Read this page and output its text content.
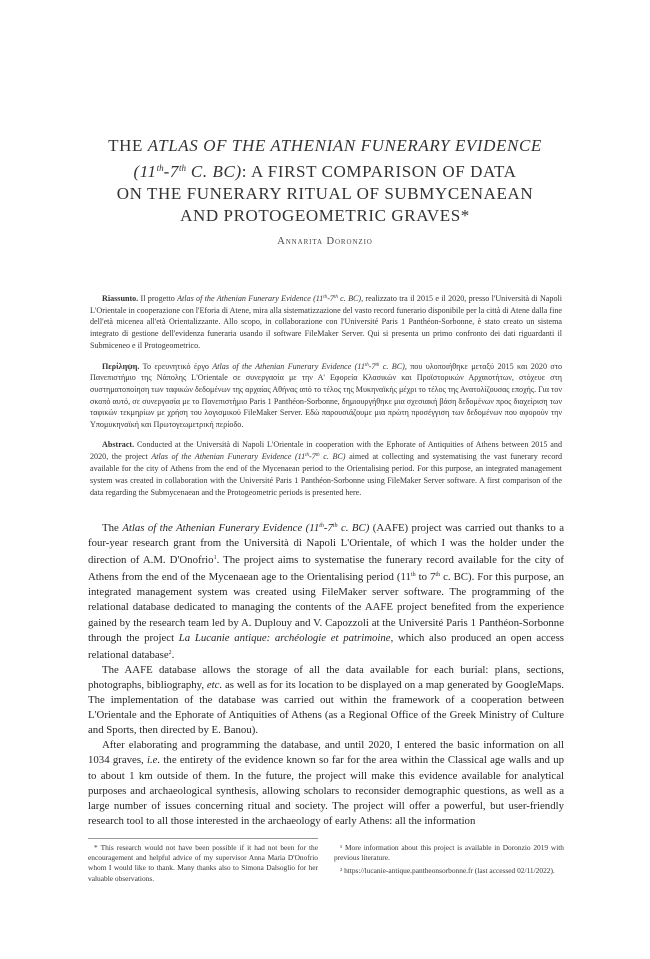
THE ATLAS OF THE ATHENIAN FUNERARY EVIDENCE
(11th-7th C. BC): A FIRST COMPARISON OF DATA
ON THE FUNERARY RITUAL OF SUBMYCENAEAN
AND PROTOGEOMETRIC GRAVES*
Annarita Doronzio

Riassunto. Il progetto Atlas of the Athenian Funerary Evidence (11th-7th c. BC), realizzato tra il 2015 e il 2020, presso l'Università di Napoli L'Orientale in cooperazione con l'Eforia di Atene, mira alla sistematizzazione del vasto record funerario disponibile per la città di Atene dalla fine dell'età micenea all'età Orientalizzante. Allo scopo, in collaborazione con l'Université Paris 1 Panthéon-Sorbonne, è stato creato un sistema integrato di gestione dell'evidenza funeraria usando il software FileMaker Server. Qui si presenta un primo confronto dei dati riguardanti il Submiceneo e il Protogeometrico.

Περίληψη. Το ερευνητικό έργο Atlas of the Athenian Funerary Evidence (11th-7th c. BC), που υλοποιήθηκε μεταξύ 2015 και 2020 στο Πανεπιστήμιο της Νάπολης L'Orientale σε συνεργασία με την Α' Εφορεία Κλασικών και Προϊστορικών Αρχαιοτήτων, στόχευε στη συστηματοποίηση των ταφικών δεδομένων της αρχαίας Αθήνας από το τέλος της Μυκηναϊκής μέχρι το τέλος της Ανατολίζουσας εποχής. Για τον σκοπό αυτό, σε συνεργασία με το Πανεπιστήμιο Paris 1 Panthéon-Sorbonne, δημιουργήθηκε μια σχεσιακή βάση δεδομένων προς διαχείριση των ταφικών τεκμηρίων με χρήση του λογισμικού FileMaker Server. Εδώ παρουσιάζουμε μια πρώτη προσέγγιση των δεδομένων που αφορούν την Υπομυκηναϊκή και Πρωτογεωμετρική περίοδο.

Abstract. Conducted at the Università di Napoli L'Orientale in cooperation with the Ephorate of Antiquities of Athens between 2015 and 2020, the project Atlas of the Athenian Funerary Evidence (11th-7th c. BC) aimed at collecting and systematising the vast funerary record available for the city of Athens from the end of the Mycenaean period to the Orientalising period. For this purpose, an integrated management system was created in collaboration with the Université Paris 1 Panthéon-Sorbonne using FileMaker Server software. A first comparison of the data regarding the Submycenaean and the Protogeometric periods is presented here.

The Atlas of the Athenian Funerary Evidence (11th-7th c. BC) (AAFE) project was carried out thanks to a four-year research grant from the Università di Napoli L'Orientale, of which I was the holder under the direction of A.M. D'Onofrio$^1$. The project aims to systematise the funerary record available for the city of Athens from the end of the Mycenaean age to the Orientalising period (11th to 7th c. BC). For this purpose, an integrated management system was created using FileMaker server software. The programming of the relational database dedicated to managing the contents of the AAFE project benefited from the experience gained by the research team led by A. Duplouy and V. Capozzoli at the Université Paris 1 Panthéon-Sorbonne through the project La Lucanie antique: archéologie et patrimoine, which also produced an open access relational database$^2$.

The AAFE database allows the storage of all the data available for each burial: plans, sections, photographs, bibliography, etc. as well as for its location to be displayed on a map generated by GoogleMaps. The implementation of the database was carried out within the framework of a cooperation between L'Orientale and the Ephorate of Antiquities of Athens (as a Regional Office of the Greek Ministry of Culture and Sports, then directed by E. Banou).

After elaborating and programming the database, and until 2020, I entered the basic information on all 1034 graves, i.e. the entirety of the evidence known so far for the area within the Classical age walls and up to about 1 km outside of them. In the future, the project will make this evidence available for analytical purposes and archaeological synthesis, allowing scholars to reconsider demographic questions, as well as a large number of issues concerning ritual and society. The project will offer a powerful, but user-friendly research tool to all those interested in the archaeology of early Athens: all the information

* This research would not have been possible if it had not been for the encouragement and helpful advice of my supervisor Anna Maria D'Onofrio whom I would like to thank. Many thanks also to Simona Dalsoglio for her valuable observations.

¹ More information about this project is available in Doronzio 2019 with previous literature.

² https://lucanie-antique.pantheonsorbonne.fr (last accessed 02/11/2022).
